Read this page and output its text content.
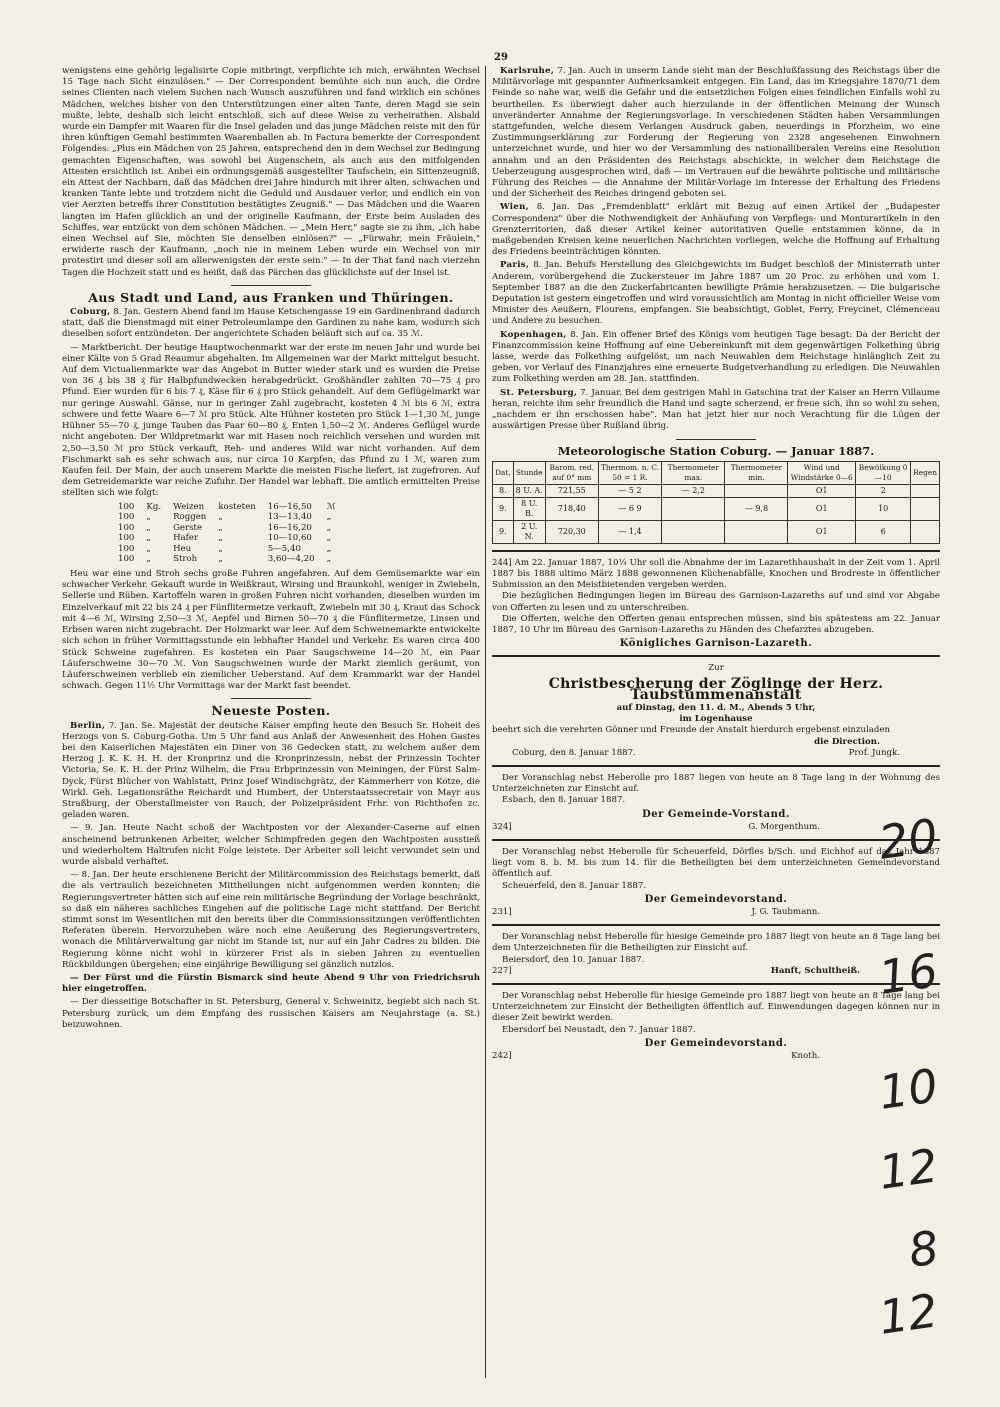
29

wenigstens eine gehörig legalisirte Copie mitbringt, verpflichte ich mich, erwähnten Wechsel 15 Tage nach Sicht einzulösen." — Der Correspondent bemühte sich nun auch, die Ordre seines Clienten nach vielem Suchen nach Wunsch auszuführen und fand wirklich ein schönes Mädchen, welches bisher von den Unterstützungen einer alten Tante, deren Magd sie sein mußte, lebte, deshalb sich leicht entschloß, sich auf diese Weise zu verheirathen. Alsbald wurde ein Dampfer mit Waaren für die Insel geladen und das junge Mädchen reiste mit den für ihren künftigen Gemahl bestimmten Waarenballen ab. In Factura bemerkte der Correspondent Folgendes: „Plus ein Mädchen von 25 Jahren, entsprechend den in dem Wechsel zur Bedingung gemachten Eigenschaften, was sowohl bei Augenschein, als auch aus den mitfolgenden Attesten ersichtlich ist. Anbei ein ordnungsgemäß ausgestellter Taufschein, ein Sittenzeugniß, ein Attest der Nachbarn, daß das Mädchen drei Jahre hindurch mit ihrer alten, schwachen und kranken Tante lebte und trotzdem nicht die Geduld und Ausdauer verlor, und endlich ein von vier Aerzten betreffs ihrer Constitution bestätigtes Zeugniß." — Das Mädchen und die Waaren langten im Hafen glücklich an und der originelle Kaufmann, der Erste beim Ausladen des Schiffes, war entzückt von dem schönen Mädchen. — „Mein Herr," sagte sie zu ihm, „ich habe einen Wechsel auf Sie, möchten Sie denselben einlösen?" — „Fürwahr, mein Fräulein," erwiderte rasch der Kaufmann, „noch nie in meinem Leben wurde ein Wechsel von mir protestirt und dieser soll am allerwenigsten der erste sein." — In der That fand nach vierzehn Tagen die Hochzeit statt und es heißt, daß das Pärchen das glücklichste auf der Insel ist.

Aus Stadt und Land, aus Franken und Thüringen.

Coburg, 8. Jan. Gestern Abend fand im Hause Ketschengasse 19 ein Gardinenbrand dadurch statt, daß die Dienstmagd mit einer Petroleumlampe den Gardinen zu nahe kam, wodurch sich dieselben sofort entzündeten. Der angerichtete Schaden beläuft sich auf ca. 35 ℳ.

— Marktbericht. Der heutige Hauptwochenmarkt war der erste im neuen Jahr und wurde bei einer Kälte von 5 Grad Reaumur abgehalten. Im Allgemeinen war der Markt mittelgut besucht. Auf dem Victualienmarkte war das Angebot in Butter wieder stark und es wurden die Preise von 36 ₰ bis 38 ₰ für Halbpfundwecken herabgedrückt. Großhändler zahlten 70—75 ₰ pro Pfund. Eier wurden für 6 bis 7 ₰, Käse für 6 ₰ pro Stück gehandelt. Auf dem Geflügelmarkt war nur geringe Auswahl. Gänse, nur in geringer Zahl zugebracht, kosteten 4 ℳ bis 6 ℳ, extra schwere und fette Waare 6—7 ℳ pro Stück. Alte Hühner kosteten pro Stück 1—1,30 ℳ, junge Hühner 55—70 ₰, junge Tauben das Paar 60—80 ₰, Enten 1,50—2 ℳ. Anderes Geflügel wurde nicht angeboten. Der Wildpretmarkt war mit Hasen noch reichlich versehen und wurden mit 2,50—3,50 ℳ pro Stück verkauft, Reh- und anderes Wild war nicht vorhanden. Auf dem Fischmarkt sah es sehr schwach aus, nur circa 10 Karpfen, das Pfund zu 1 ℳ, waren zum Kaufen feil. Der Main, der auch unserem Markte die meisten Fische liefert, ist zugefroren. Auf dem Getreidemarkte war reiche Zufuhr. Der Handel war lebhaft. Die amtlich ermittelten Preise stellten sich wie folgt:

100	Kg.	Weizen	kosteten	16—16,50	ℳ
100	„	Roggen	„	13—13,40	„
100	„	Gerste	„	16—16,20	„
100	„	Hafer	„	10—10,60	„
100	„	Heu	„	5—5,40	„
100	„	Stroh	„	3,60—4,20	„

Heu war eine und Stroh sechs große Fuhren angefahren. Auf dem Gemüsemarkte war ein schwacher Verkehr. Gekauft wurde in Weißkraut, Wirsing und Braunkohl, weniger in Zwiebeln, Sellerie und Rüben. Kartoffeln waren in großen Fuhren nicht vorhanden, dieselben wurden im Einzelverkauf mit 22 bis 24 ₰ per Fünflitermetze verkauft, Zwiebeln mit 30 ₰, Kraut das Schock mit 4—6 ℳ, Wirsing 2,50—3 ℳ, Aepfel und Birnen 50—70 ₰ die Fünflitermetze, Linsen und Erbsen waren nicht zugebracht. Der Holzmarkt war leer. Auf dem Schweinemarkte entwickelte sich schon in früher Vormittagsstunde ein lebhafter Handel und Verkehr. Es waren circa 400 Stück Schweine zugefahren. Es kosteten ein Paar Saugschweine 14—20 ℳ, ein Paar Läuferschweine 30—70 ℳ. Von Saugschweinen wurde der Markt ziemlich geräumt, von Läuferschweinen verblieb ein ziemlicher Ueberstand. Auf dem Krammarkt war der Handel schwach. Gegen 11½ Uhr Vormittags war der Markt fast beendet.

Neueste Posten.

Berlin, 7. Jan. Se. Majestät der deutsche Kaiser empfing heute den Besuch Sr. Hoheit des Herzogs von S. Coburg-Gotha. Um 5 Uhr fand aus Anlaß der Anwesenheit des Hohen Gastes bei den Kaiserlichen Majestäten ein Diner von 36 Gedecken statt, zu welchem außer dem Herzog J. K. K. H. H. der Kronprinz und die Kronprinzessin, nebst der Prinzessin Tochter Victoria, Se. K. H. der Prinz Wilhelm, die Frau Erbprinzessin von Meiningen, der Fürst Salm-Dyck, Fürst Blücher von Wahlstatt, Prinz Josef Windischgrätz, der Kammerherr von Kotze, die Wirkl. Geh. Legationsräthe Reichardt und Humbert, der Unterstaatssecretair von Mayr aus Straßburg, der Oberstallmeister von Rauch, der Polizeipräsident Frhr. von Richthofen zc. geladen waren.

— 9. Jan. Heute Nacht schoß der Wachtposten vor der Alexander-Caserne auf einen anscheinend betrunkenen Arbeiter, welcher Schimpfreden gegen den Wachtposten ausstieß und wiederholtem Haltrufen nicht Folge leistete. Der Arbeiter soll leicht verwundet sein und wurde alsbald verhaftet.

— 8. Jan. Der heute erschienene Bericht der Militärcommission des Reichstags bemerkt, daß die als vertraulich bezeichneten Mittheilungen nicht aufgenommen werden konnten; die Regierungsvertreter hätten sich auf eine rein militärische Begründung der Vorlage beschränkt, so daß ein näheres sachliches Eingehen auf die politische Lage nicht stattfand. Der Bericht stimmt sonst im Wesentlichen mit den bereits über die Commissionssitzungen veröffentlichten Referaten überein. Hervorzuheben wäre noch eine Aeußerung des Regierungsvertreters, wonach die Militärverwaltung gar nicht im Stande ist, nur auf ein Jahr Cadres zu bilden. Die Regierung könne nicht wohl in kürzerer Frist als in sieben Jahren zu eventuellen Rückbildungen übergehen; eine einjährige Bewilligung sei gänzlich nutzlos.

— Der Fürst und die Fürstin Bismarck sind heute Abend 9 Uhr von Friedrichsruh hier eingetroffen.

— Der diesseitige Botschafter in St. Petersburg, General v. Schweinitz, begiebt sich nach St. Petersburg zurück, um dem Empfang des russischen Kaisers am Neujahrstage (a. St.) beizuwohnen.

Karlsruhe, 7. Jan. Auch in unserm Lande sieht man der Beschlußfassung des Reichstags über die Militärvorlage mit gespannter Aufmerksamkeit entgegen. Ein Land, das im Kriegsjahre 1870/71 dem Feinde so nahe war, weiß die Gefahr und die entsetzlichen Folgen eines feindlichen Einfalls wohl zu beurtheilen. Es überwiegt daher auch hierzulande in der öffentlichen Meinung der Wunsch unveränderter Annahme der Regierungsvorlage. In verschiedenen Städten haben Versammlungen stattgefunden, welche diesem Verlangen Ausdruck gaben, neuerdings in Pforzheim, wo eine Zustimmungserklärung zur Forderung der Regierung von 2328 angesehenen Einwohnern unterzeichnet wurde, und hier wo der Versammlung des nationalliberalen Vereins eine Resolution annahm und an den Präsidenten des Reichstags abschickte, in welcher dem Reichstage die Ueberzeugung ausgesprochen wird, daß — im Vertrauen auf die bewährte politische und militärische Führung des Reiches — die Annahme der Militär-Vorlage im Interesse der Erhaltung des Friedens und der Sicherheit des Reiches dringend geboten sei.

Wien, 8. Jan. Das „Fremdenblatt" erklärt mit Bezug auf einen Artikel der „Budapester Correspondenz" über die Nothwendigkeit der Anhäufung von Verpflegs- und Monturartikeln in den Grenzterritorien, daß dieser Artikel keiner autoritativen Quelle entstammen könne, da in maßgebenden Kreisen keine neuerlichen Nachrichten vorliegen, welche die Hoffnung auf Erhaltung des Friedens beeinträchtigen könnten.

Paris, 8. Jan. Behufs Herstellung des Gleichgewichts im Budget beschloß der Ministerrath unter Anderem, vorübergehend die Zuckersteuer im Jahre 1887 um 20 Proc. zu erhöhen und vom 1. September 1887 an die den Zuckerfabricanten bewilligte Prämie herabzusetzen. — Die bulgarische Deputation ist gestern eingetroffen und wird voraussichtlich am Montag in nicht officieller Weise vom Minister des Aeußern, Flourens, empfangen. Sie beabsichtigt, Goblet, Ferry, Freycinet, Clémenceau und Andere zu besuchen.

Kopenhagen, 8. Jan. Ein offener Brief des Königs vom heutigen Tage besagt: Da der Bericht der Finanzcommission keine Hoffnung auf eine Uebereinkunft mit dem gegenwärtigen Folkething übrig lasse, werde das Folkething aufgelöst, um nach Neuwahlen dem Reichstage hinlänglich Zeit zu geben, vor Verlauf des Finanzjahres eine erneuerte Budgetverhandlung zu erledigen. Die Neuwahlen zum Folkething werden am 28. Jan. stattfinden.

St. Petersburg, 7. Januar. Bei dem gestrigen Mahl in Gatschina trat der Kaiser an Herrn Villaume heran, reichte ihm sehr freundlich die Hand und sagte scherzend, er freue sich, ihn so wohl zu sehen, „nachdem er ihn erschossen habe". Man hat jetzt hier nur noch Verachtung für die Lügen der auswärtigen Presse über Rußland übrig.

Meteorologische Station Coburg. — Januar 1887.
Dat.	Stunde	Barom. red. auf 0° mm	Thermom. n. C. 50 = 1 R.	Thermometer max.	Thermometer min.	Wind und Windstärke 0—6	Bewölkung 0—10	Regen
8.	8 U. A.	721,55	— 5 2	— 2,2		O1	2	
9.	8 U. B.	718,40	— 6 9		— 9,8	O1	10	
9.	2 U. N.	720,30	— 1,4			O1	6	

244] Am 22. Januar 1887, 10¼ Uhr soll die Abnahme der im Lazarethhaushalt in der Zeit vom 1. April 1887 bis 1888 ultimo März 1888 gewonnenen Küchenabfälle, Knochen und Brodreste in öffentlicher Submission an den Meistbietenden vergeben werden.

Die bezüglichen Bedingungen liegen im Büreau des Garnison-Lazareths auf und sind vor Abgabe von Offerten zu lesen und zu unterschreiben.

Die Offerten, welche den Offerten genau entsprechen müssen, sind bis spätestens am 22. Januar 1887, 10 Uhr im Büreau des Garnison-Lazareths zu Händen des Chefarztes abzugeben.

Königliches Garnison-Lazareth.
Zur
Christbescherung der Zöglinge der Herz. Taubstummenanstalt
auf Dinstag, den 11. d. M., Abends 5 Uhr,
im Logenhause

beehrt sich die verehrten Gönner und Freunde der Anstalt hierdurch ergebenst einzuladen

die Direction.
Coburg, den 8. Januar 1887.	Prof. Jungk.

Der Voranschlag nebst Heberolle pro 1887 liegen von heute an 8 Tage lang in der Wohnung des Unterzeichneten zur Einsicht auf.

Esbach, den 8. Januar 1887.

Der Gemeinde-Vorstand.
324]	G. Morgenthum.

Der Voranschlag nebst Heberolle für Scheuerfeld, Dörfles b/Sch. und Eichhof auf das Jahr 1887 liegt vom 8. b. M. bis zum 14. für die Betheiligten bei dem unterzeichneten Gemeindevorstand öffentlich auf.

Scheuerfeld, den 8. Januar 1887.

Der Gemeindevorstand.
231]	J. G. Taubmann.

Der Voranschlag nebst Heberolle für hiesige Gemeinde pro 1887 liegt von heute an 8 Tage lang bei dem Unterzeichneten für die Betheiligten zur Einsicht auf.

Beiersdorf, den 10. Januar 1887.

227]	Hanft, Schultheiß.

Der Voranschlag nebst Heberolle für hiesige Gemeinde pro 1887 liegt von heute an 8 Tage lang bei Unterzeichnetem zur Einsicht der Betheiligten öffentlich auf. Einwendungen dagegen können nur in dieser Zeit bewirkt werden.

Ebersdorf bei Neustadt, den 7. Januar 1887.

Der Gemeindevorstand.
242]	Knoth.
20
16
10
12
8
12
